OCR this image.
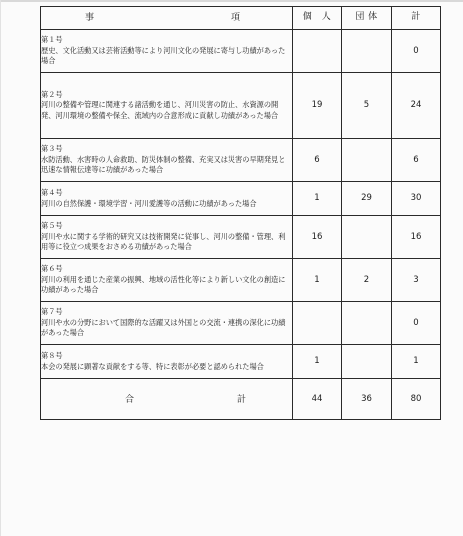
事 項	個　人	団 体	計

第１号
歴史、文化活動又は芸術活動等により河川文化の発展に寄与し功績があった場合			0

第２号
河川の整備や管理に関連する諸活動を通じ、河川災害の防止、水資源の開発、河川環境の整備や保全、流域内の合意形成に貢献し功績があった場合	19	5	24

第３号
水防活動、水害時の人命救助、防災体制の整備、充実又は災害の早期発見と迅速な情報伝達等に功績があった場合	6		6

第４号
河川の自然保護・環境学習・河川愛護等の活動に功績があった場合	1	29	30

第５号
河川や水に関する学術的研究又は技術開発に従事し、河川の整備・管理、利用等に役立つ成果をおさめる功績があった場合	16		16

第６号
河川の利用を通じた産業の振興、地域の活性化等により新しい文化の創造に功績があった場合	1	2	3

第７号
河川や水の分野において国際的な活躍又は外国との交流・連携の深化に功績があった場合			0

第８号
本会の発展に顕著な貢献をする等、特に表彰が必要と認められた場合	1		1

合 計	44	36	80
